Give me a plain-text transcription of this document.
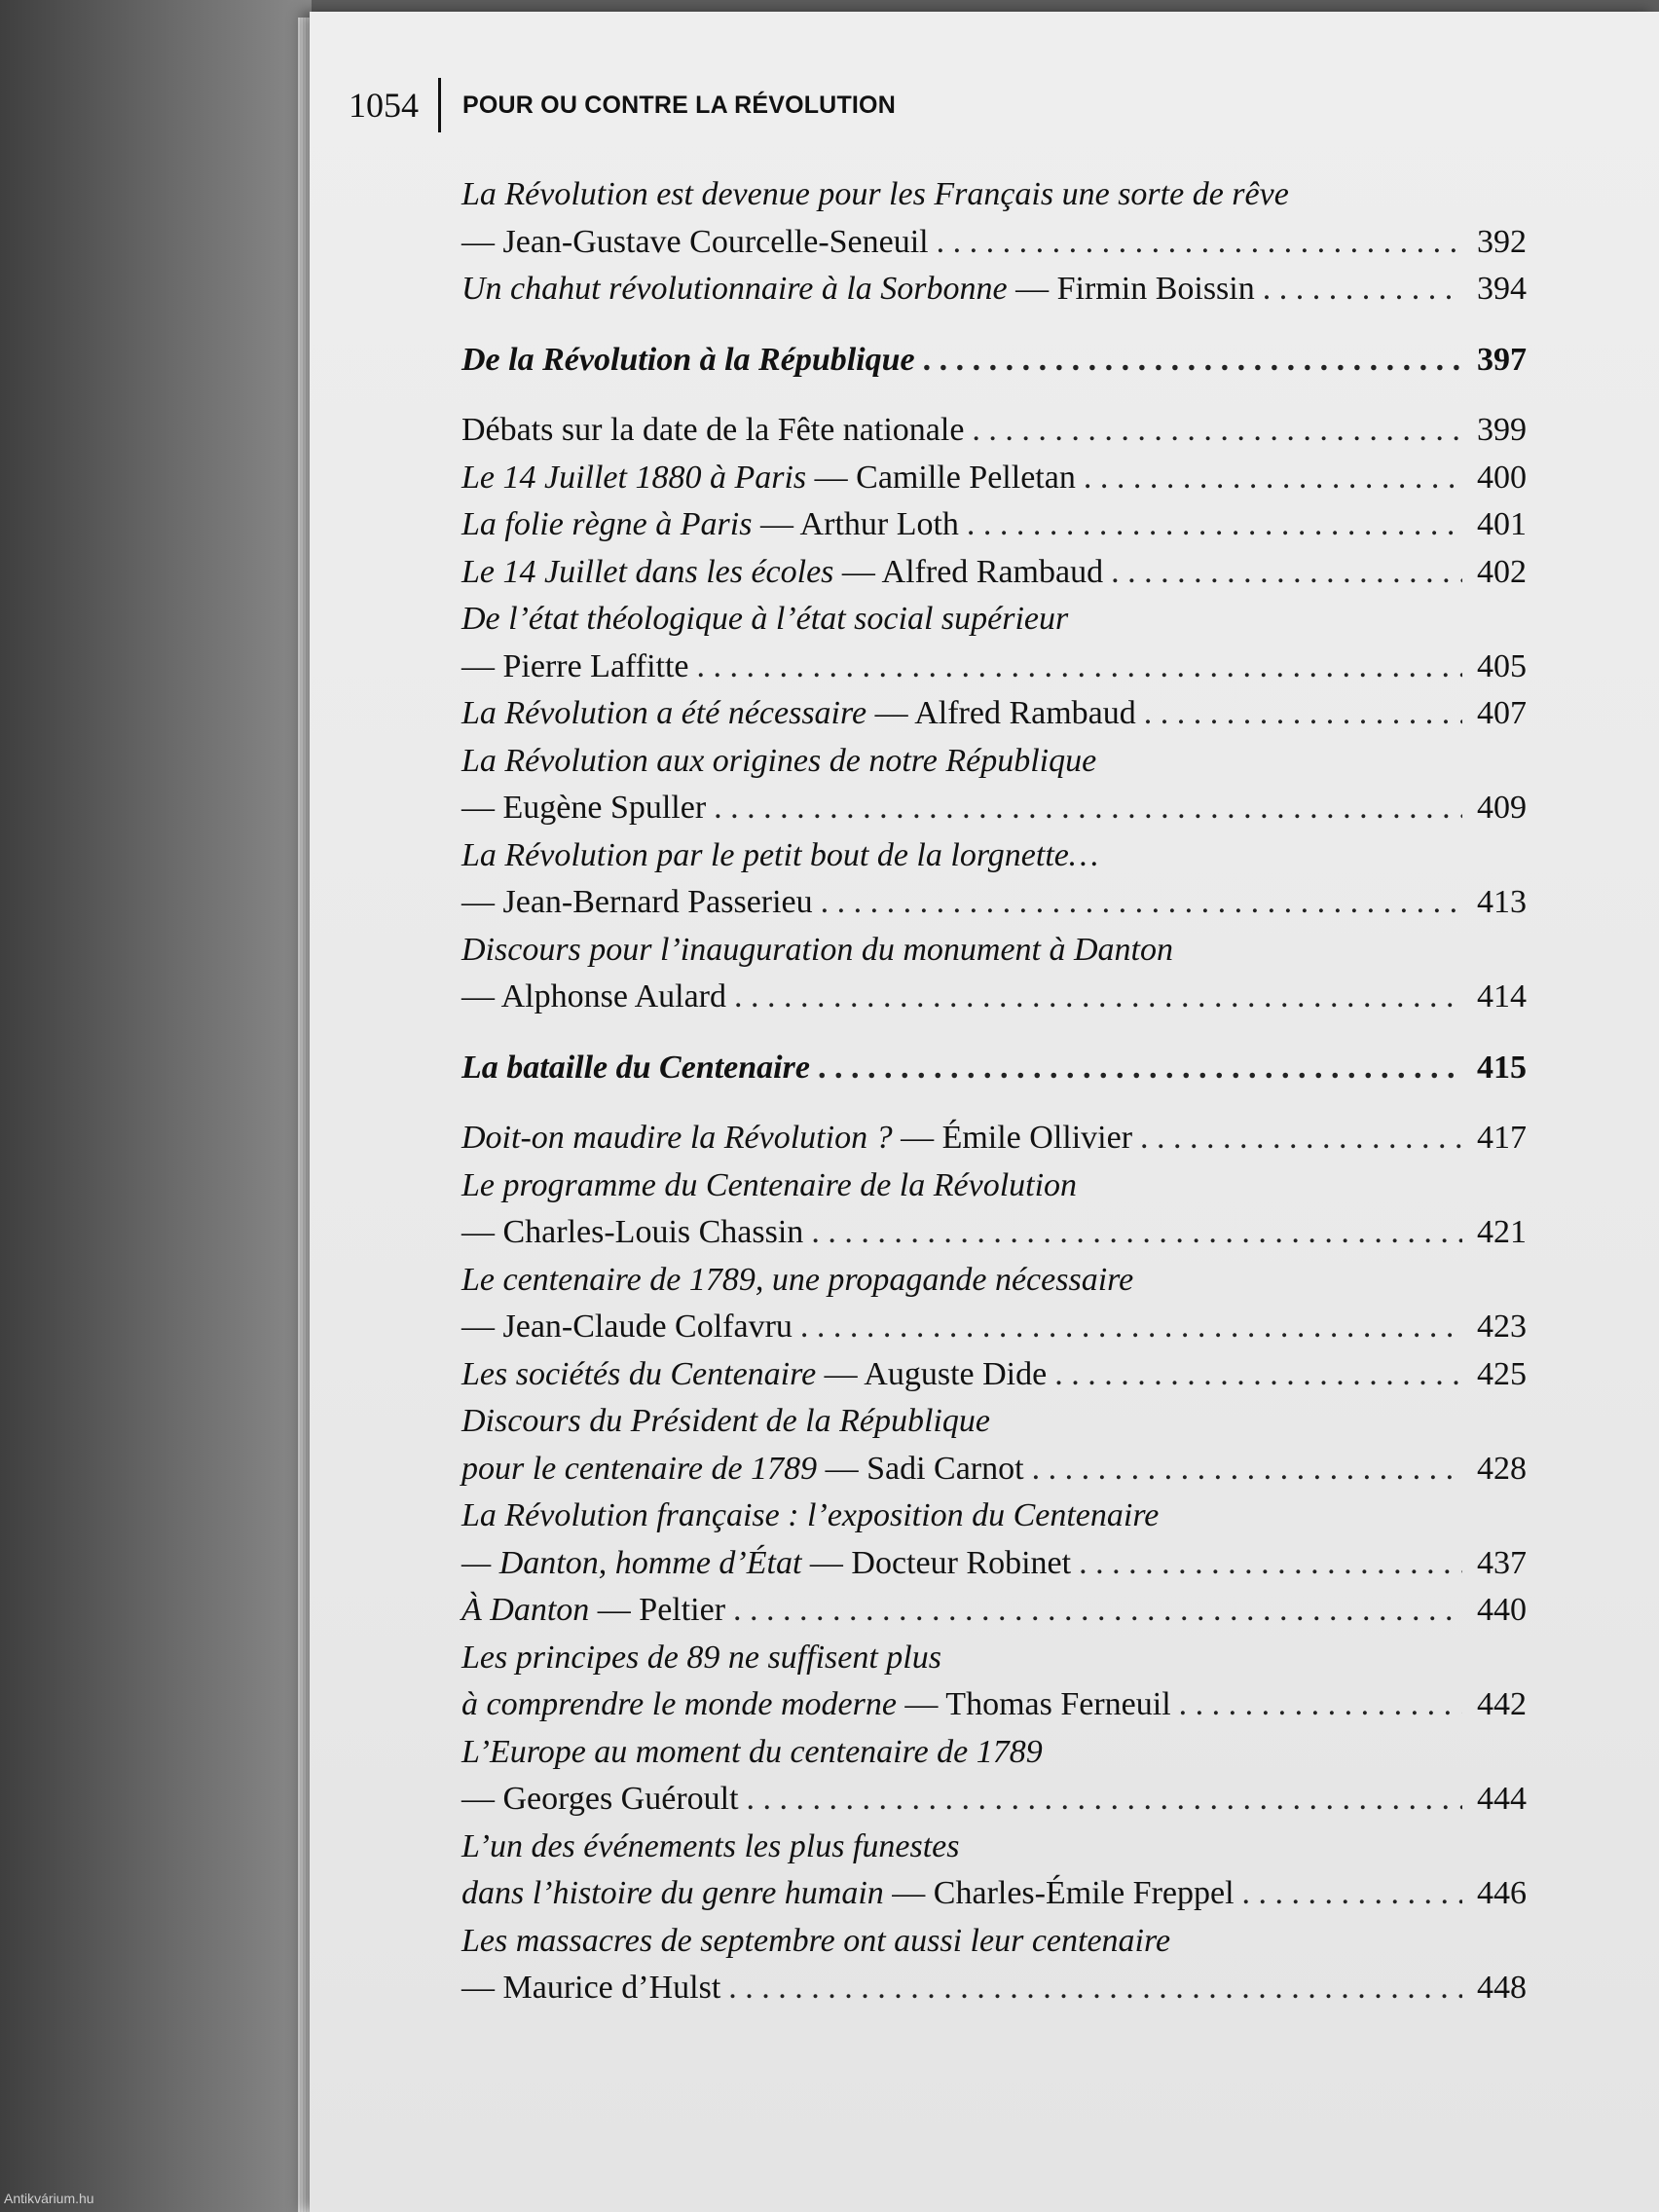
1054 POUR OU CONTRE LA RÉVOLUTION
La Révolution est devenue pour les Français une sorte de rêve
— Jean-Gustave Courcelle-Seneuil . . .	392
Un chahut révolutionnaire à la Sorbonne — Firmin Boissin . . .	394
De la Révolution à la République . . .	397
Débats sur la date de la Fête nationale . . .	399
Le 14 Juillet 1880 à Paris — Camille Pelletan . . .	400
La folie règne à Paris — Arthur Loth . . .	401
Le 14 Juillet dans les écoles — Alfred Rambaud . . .	402
De l’état théologique à l’état social supérieur
— Pierre Laffitte . . .	405
La Révolution a été nécessaire — Alfred Rambaud . . .	407
La Révolution aux origines de notre République
— Eugène Spuller . . .	409
La Révolution par le petit bout de la lorgnette…
— Jean-Bernard Passerieu . . .	413
Discours pour l’inauguration du monument à Danton
— Alphonse Aulard . . .	414
La bataille du Centenaire . . .	415
Doit-on maudire la Révolution ? — Émile Ollivier . . .	417
Le programme du Centenaire de la Révolution
— Charles-Louis Chassin . . .	421
Le centenaire de 1789, une propagande nécessaire
— Jean-Claude Colfavru . . .	423
Les sociétés du Centenaire — Auguste Dide . . .	425
Discours du Président de la République
pour le centenaire de 1789 — Sadi Carnot . . .	428
La Révolution française : l’exposition du Centenaire
— Danton, homme d’État — Docteur Robinet . . .	437
À Danton — Peltier . . .	440
Les principes de 89 ne suffisent plus
à comprendre le monde moderne — Thomas Ferneuil . . .	442
L’Europe au moment du centenaire de 1789
— Georges Guéroult . . .	444
L’un des événements les plus funestes
dans l’histoire du genre humain — Charles-Émile Freppel . . .	446
Les massacres de septembre ont aussi leur centenaire
— Maurice d’Hulst . . .	448
Antikvárium.hu
